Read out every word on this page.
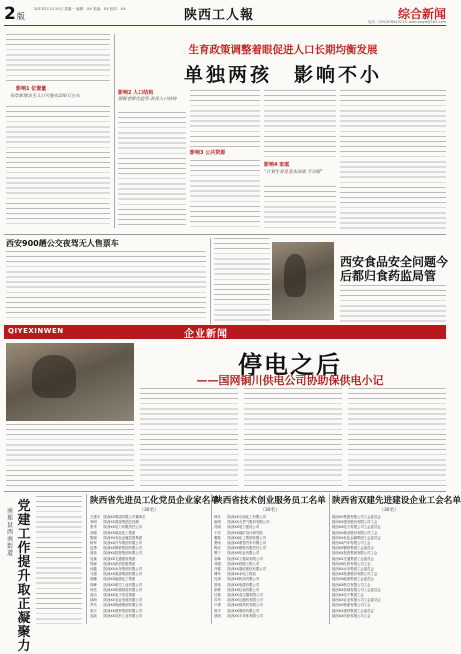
2版
2013年11月10日 星期一 编辑：XX 美编：XX 校对：XX	陕西工人報	综合新闻
电话：029-87654321 E-mail:sxgrb@163.com
影响1 位置量
每年新增出生人口可能在200万左右
生育政策调整着眼促进人口长期均衡发展
单独两孩　影响不小
影响2 人口结构
缓解老龄化趋势 改善人口结构
影响3 公共资源
影响4 家庭
“计划生育是基本国策 不动摇”
西安900趟公交夜驾无人售票车
西安食品安全问题今后都归食药监局管
QIYEXINWEN	企业新闻
停电之后
——国网铜川供电公司协助保供电小记
南郑县西南街道
党建工作提升取正凝聚力
陕西省先进员工化党员企业家名单
（30名）
王建平　陕西XX集团有限公司董事长
李明　　陕西XX建设集团总经理
张华　　陕西XX电力有限责任公司
刘强　　陕西XX煤业化工集团
陈刚　　陕西XX有色金属控股集团
杨军　　陕西XX汽车集团有限公司
赵勇　　陕西XX钢铁集团有限公司
周伟　　陕西XX投资集团有限公司
吴斌　　陕西XX交通建设集团
郑涛　　陕西XX医药控股集团
孙磊　　陕西XX水务集团有限公司
马超　　陕西XX旅游集团有限公司
胡鹏　　陕西XX能源化工集团
郭峰　　陕西XX航空工业有限公司
何亮　　陕西XX机械制造有限公司
高洁　　陕西XX电子信息集团
林海　　陕西XX农业发展有限公司
罗杰　　陕西XX物流集团有限公司
梁宇　　陕西XX建材集团有限公司
宋波　　陕西XX纺织工业有限公司
陕西省技术创业服务员工名单
（30名）
韩冬　　陕西XX石油化工有限公司
唐明　　陕西XX天然气股份有限公司
冯刚　　陕西XX电力建设公司
于洋　　陕西XX煤矿设计研究院
董磊　　陕西XX化工集团有限公司
萧雨　　陕西XX重型汽车有限公司
程亮　　陕西XX钢铁有限责任公司
曹宁　　陕西XX铝业有限公司
袁峰　　陕西XX工程局有限公司
邓超　　陕西XX铁路工程公司
许强　　陕西XX通信建设有限公司
傅军　　陕西XX水电工程局
沈涛　　陕西XX机床有限公司
曾伟　　陕西XX电缆有限公司
彭辉　　陕西XX仪表有限公司
吕斌　　陕西XX变压器有限公司
苏华　　陕西XX压缩机有限公司
卢勇　　陕西XX鼓风机有限公司
蒋平　　陕西XX制药有限公司
蔡明　　陕西XX半导体有限公司
陕西省双建先进建设企业工会名单
（30名）
陕西XX集团有限公司工会委员会
陕西XX建设股份有限公司工会
陕西XX电力有限公司工会委员会
陕西XX煤业股份有限公司工会
陕西XX有色金属集团工会委员会
陕西XX汽车有限公司工会
陕西XX钢铁集团工会委员会
陕西XX投资集团有限公司工会
陕西XX交通集团工会委员会
陕西XX医药有限公司工会
陕西XX水务集团工会委员会
陕西XX旅游股份有限公司工会
陕西XX能源集团工会委员会
陕西XX航空有限公司工会
陕西XX机械有限公司工会委员会
陕西XX电子集团工会
陕西XX农业有限公司工会委员会
陕西XX物流有限公司工会
陕西XX建材集团工会委员会
陕西XX纺织有限公司工会
